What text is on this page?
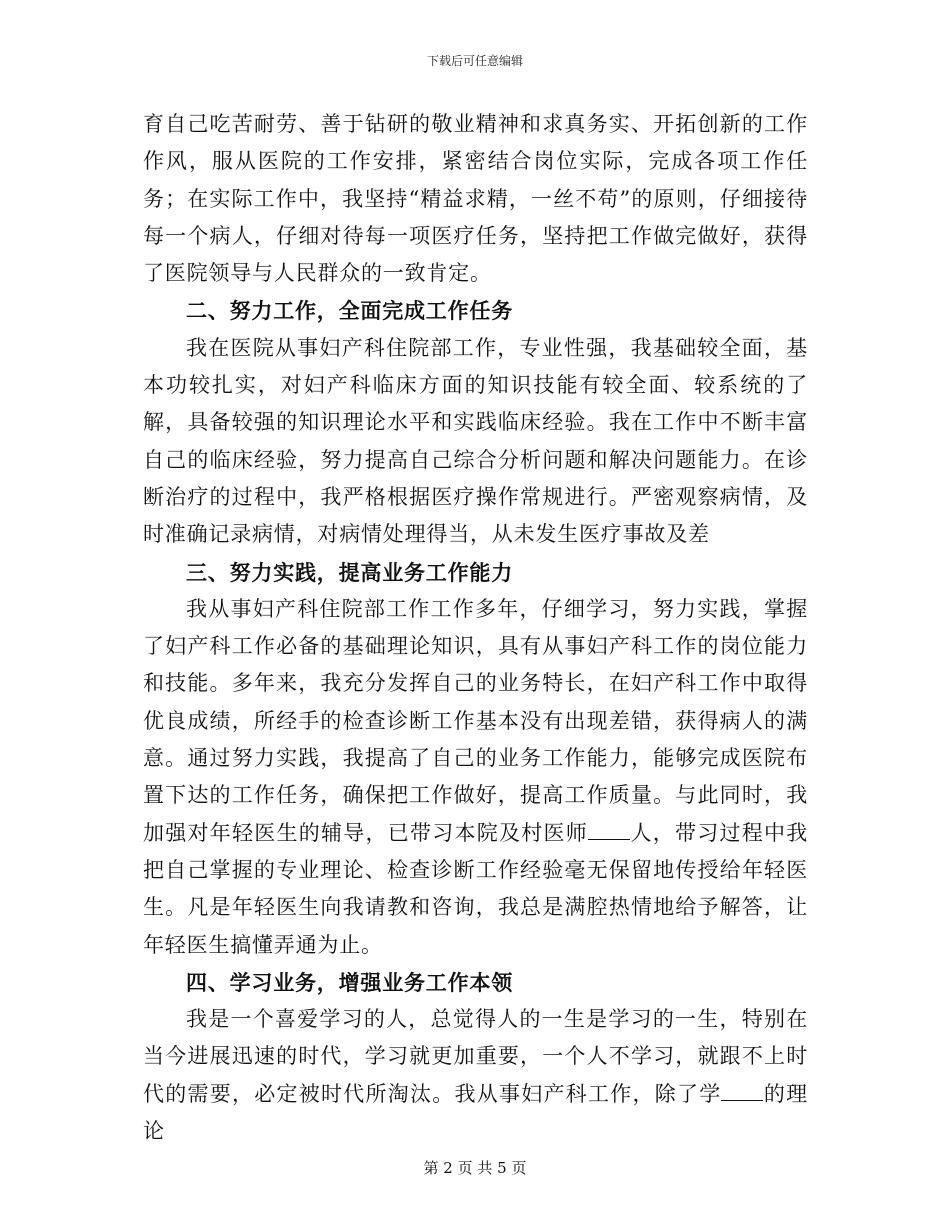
下载后可任意编辑

育自己吃苦耐劳、善于钻研的敬业精神和求真务实、开拓创新的工作作风，服从医院的工作安排，紧密结合岗位实际，完成各项工作任务；在实际工作中，我坚持“精益求精，一丝不苟”的原则，仔细接待每一个病人，仔细对待每一项医疗任务，坚持把工作做完做好，获得了医院领导与人民群众的一致肯定。

二、努力工作，全面完成工作任务

我在医院从事妇产科住院部工作，专业性强，我基础较全面，基本功较扎实，对妇产科临床方面的知识技能有较全面、较系统的了解，具备较强的知识理论水平和实践临床经验。我在工作中不断丰富自己的临床经验，努力提高自己综合分析问题和解决问题能力。在诊断治疗的过程中，我严格根据医疗操作常规进行。严密观察病情，及时准确记录病情，对病情处理得当，从未发生医疗事故及差

三、努力实践，提高业务工作能力

我从事妇产科住院部工作工作多年，仔细学习，努力实践，掌握了妇产科工作必备的基础理论知识，具有从事妇产科工作的岗位能力和技能。多年来，我充分发挥自己的业务特长，在妇产科工作中取得优良成绩，所经手的检查诊断工作基本没有出现差错，获得病人的满意。通过努力实践，我提高了自己的业务工作能力，能够完成医院布置下达的工作任务，确保把工作做好，提高工作质量。与此同时，我加强对年轻医生的辅导，已带习本院及村医师 人，带习过程中我把自己掌握的专业理论、检查诊断工作经验毫无保留地传授给年轻医生。凡是年轻医生向我请教和咨询，我总是满腔热情地给予解答，让年轻医生搞懂弄通为止。

四、学习业务，增强业务工作本领

我是一个喜爱学习的人，总觉得人的一生是学习的一生，特别在当今进展迅速的时代，学习就更加重要，一个人不学习，就跟不上时代的需要，必定被时代所淘汰。我从事妇产科工作，除了学 的理论

第 2 页 共 5 页
